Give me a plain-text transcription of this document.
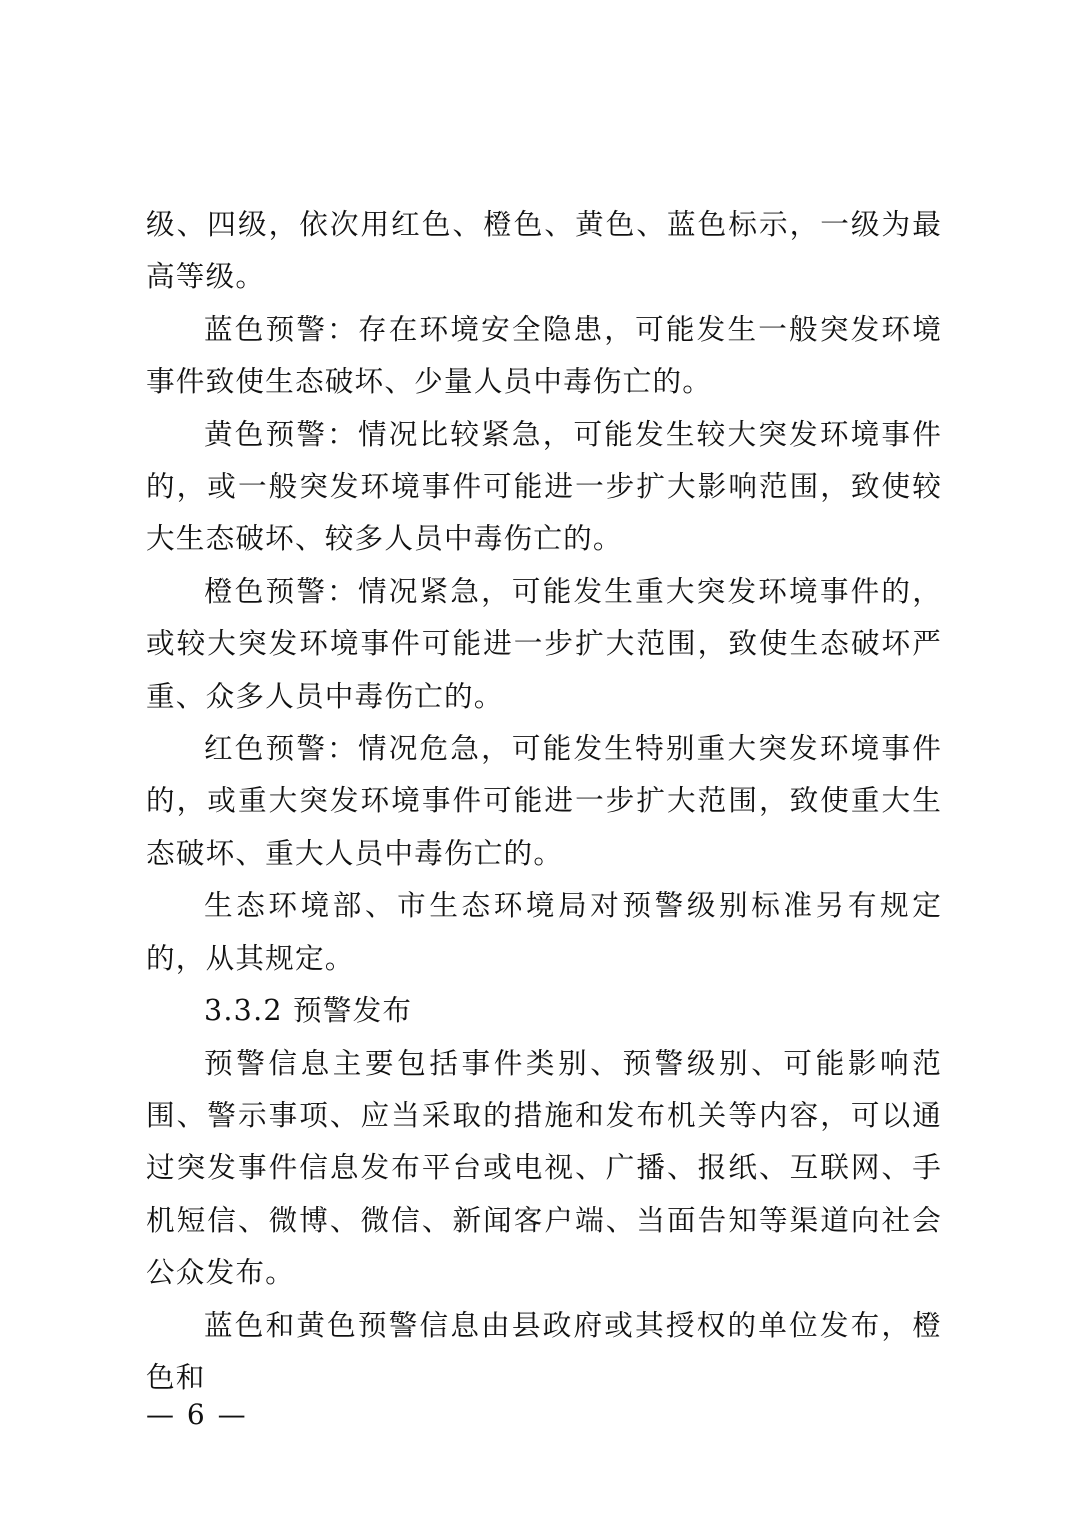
级、四级，依次用红色、橙色、黄色、蓝色标示，一级为最高等级。

蓝色预警：存在环境安全隐患，可能发生一般突发环境事件致使生态破坏、少量人员中毒伤亡的。

黄色预警：情况比较紧急，可能发生较大突发环境事件的，或一般突发环境事件可能进一步扩大影响范围，致使较大生态破坏、较多人员中毒伤亡的。

橙色预警：情况紧急，可能发生重大突发环境事件的，或较大突发环境事件可能进一步扩大范围，致使生态破坏严重、众多人员中毒伤亡的。

红色预警：情况危急，可能发生特别重大突发环境事件的，或重大突发环境事件可能进一步扩大范围，致使重大生态破坏、重大人员中毒伤亡的。

生态环境部、市生态环境局对预警级别标准另有规定的，从其规定。

3.3.2 预警发布

预警信息主要包括事件类别、预警级别、可能影响范围、警示事项、应当采取的措施和发布机关等内容，可以通过突发事件信息发布平台或电视、广播、报纸、互联网、手机短信、微博、微信、新闻客户端、当面告知等渠道向社会公众发布。

蓝色和黄色预警信息由县政府或其授权的单位发布，橙色和

— 6 —
